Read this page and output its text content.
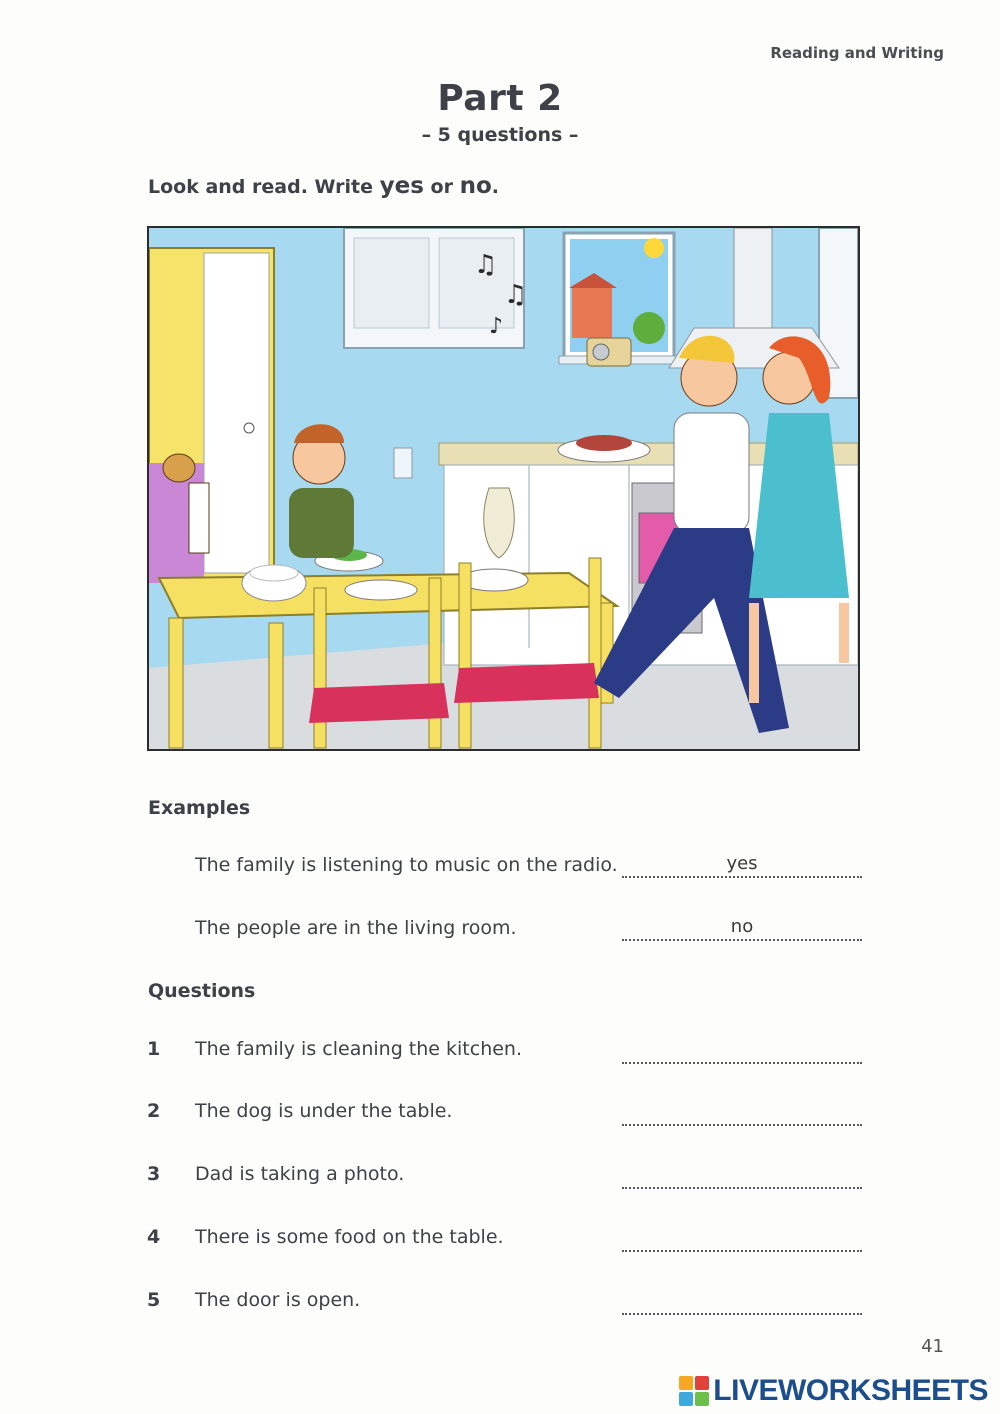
Reading and Writing
Part 2
– 5 questions –
Look and read. Write yes or no.
♫
♫
♪
Examples
The family is listening to music on the radio.	yes
The people are in the living room.	no
Questions
1 The family is cleaning the kitchen.
2 The dog is under the table.
3 Dad is taking a photo.
4 There is some food on the table.
5 The door is open.
41
LIVEWORKSHEETS
